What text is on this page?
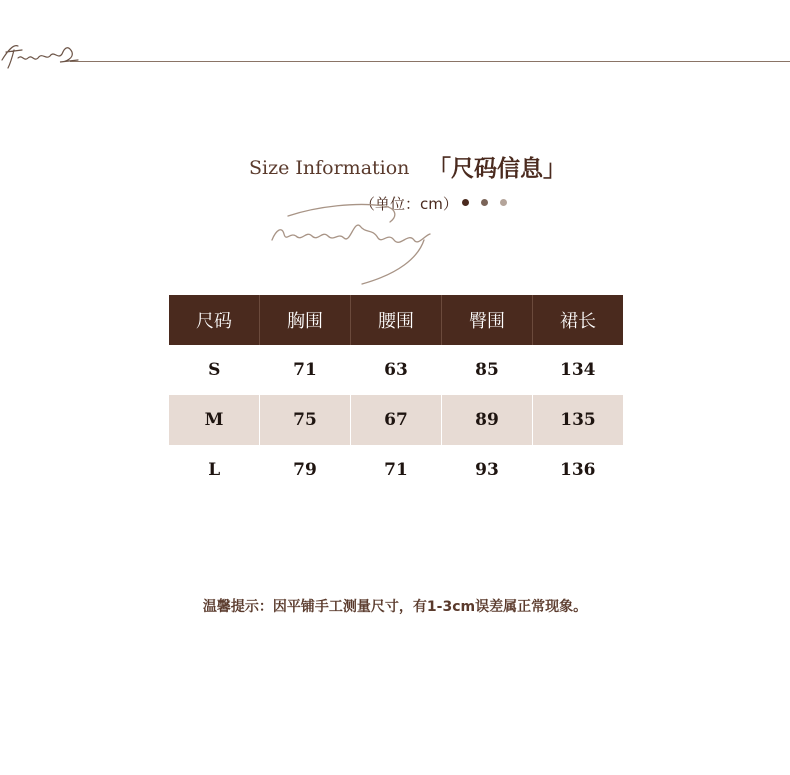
Size Information 「尺码信息」
（单位：cm）
尺码	胸围	腰围	臀围	裙长
S	71	63	85	134
M	75	67	89	135
L	79	71	93	136
温馨提示：因平铺手工测量尺寸，有1-3cm误差属正常现象。
